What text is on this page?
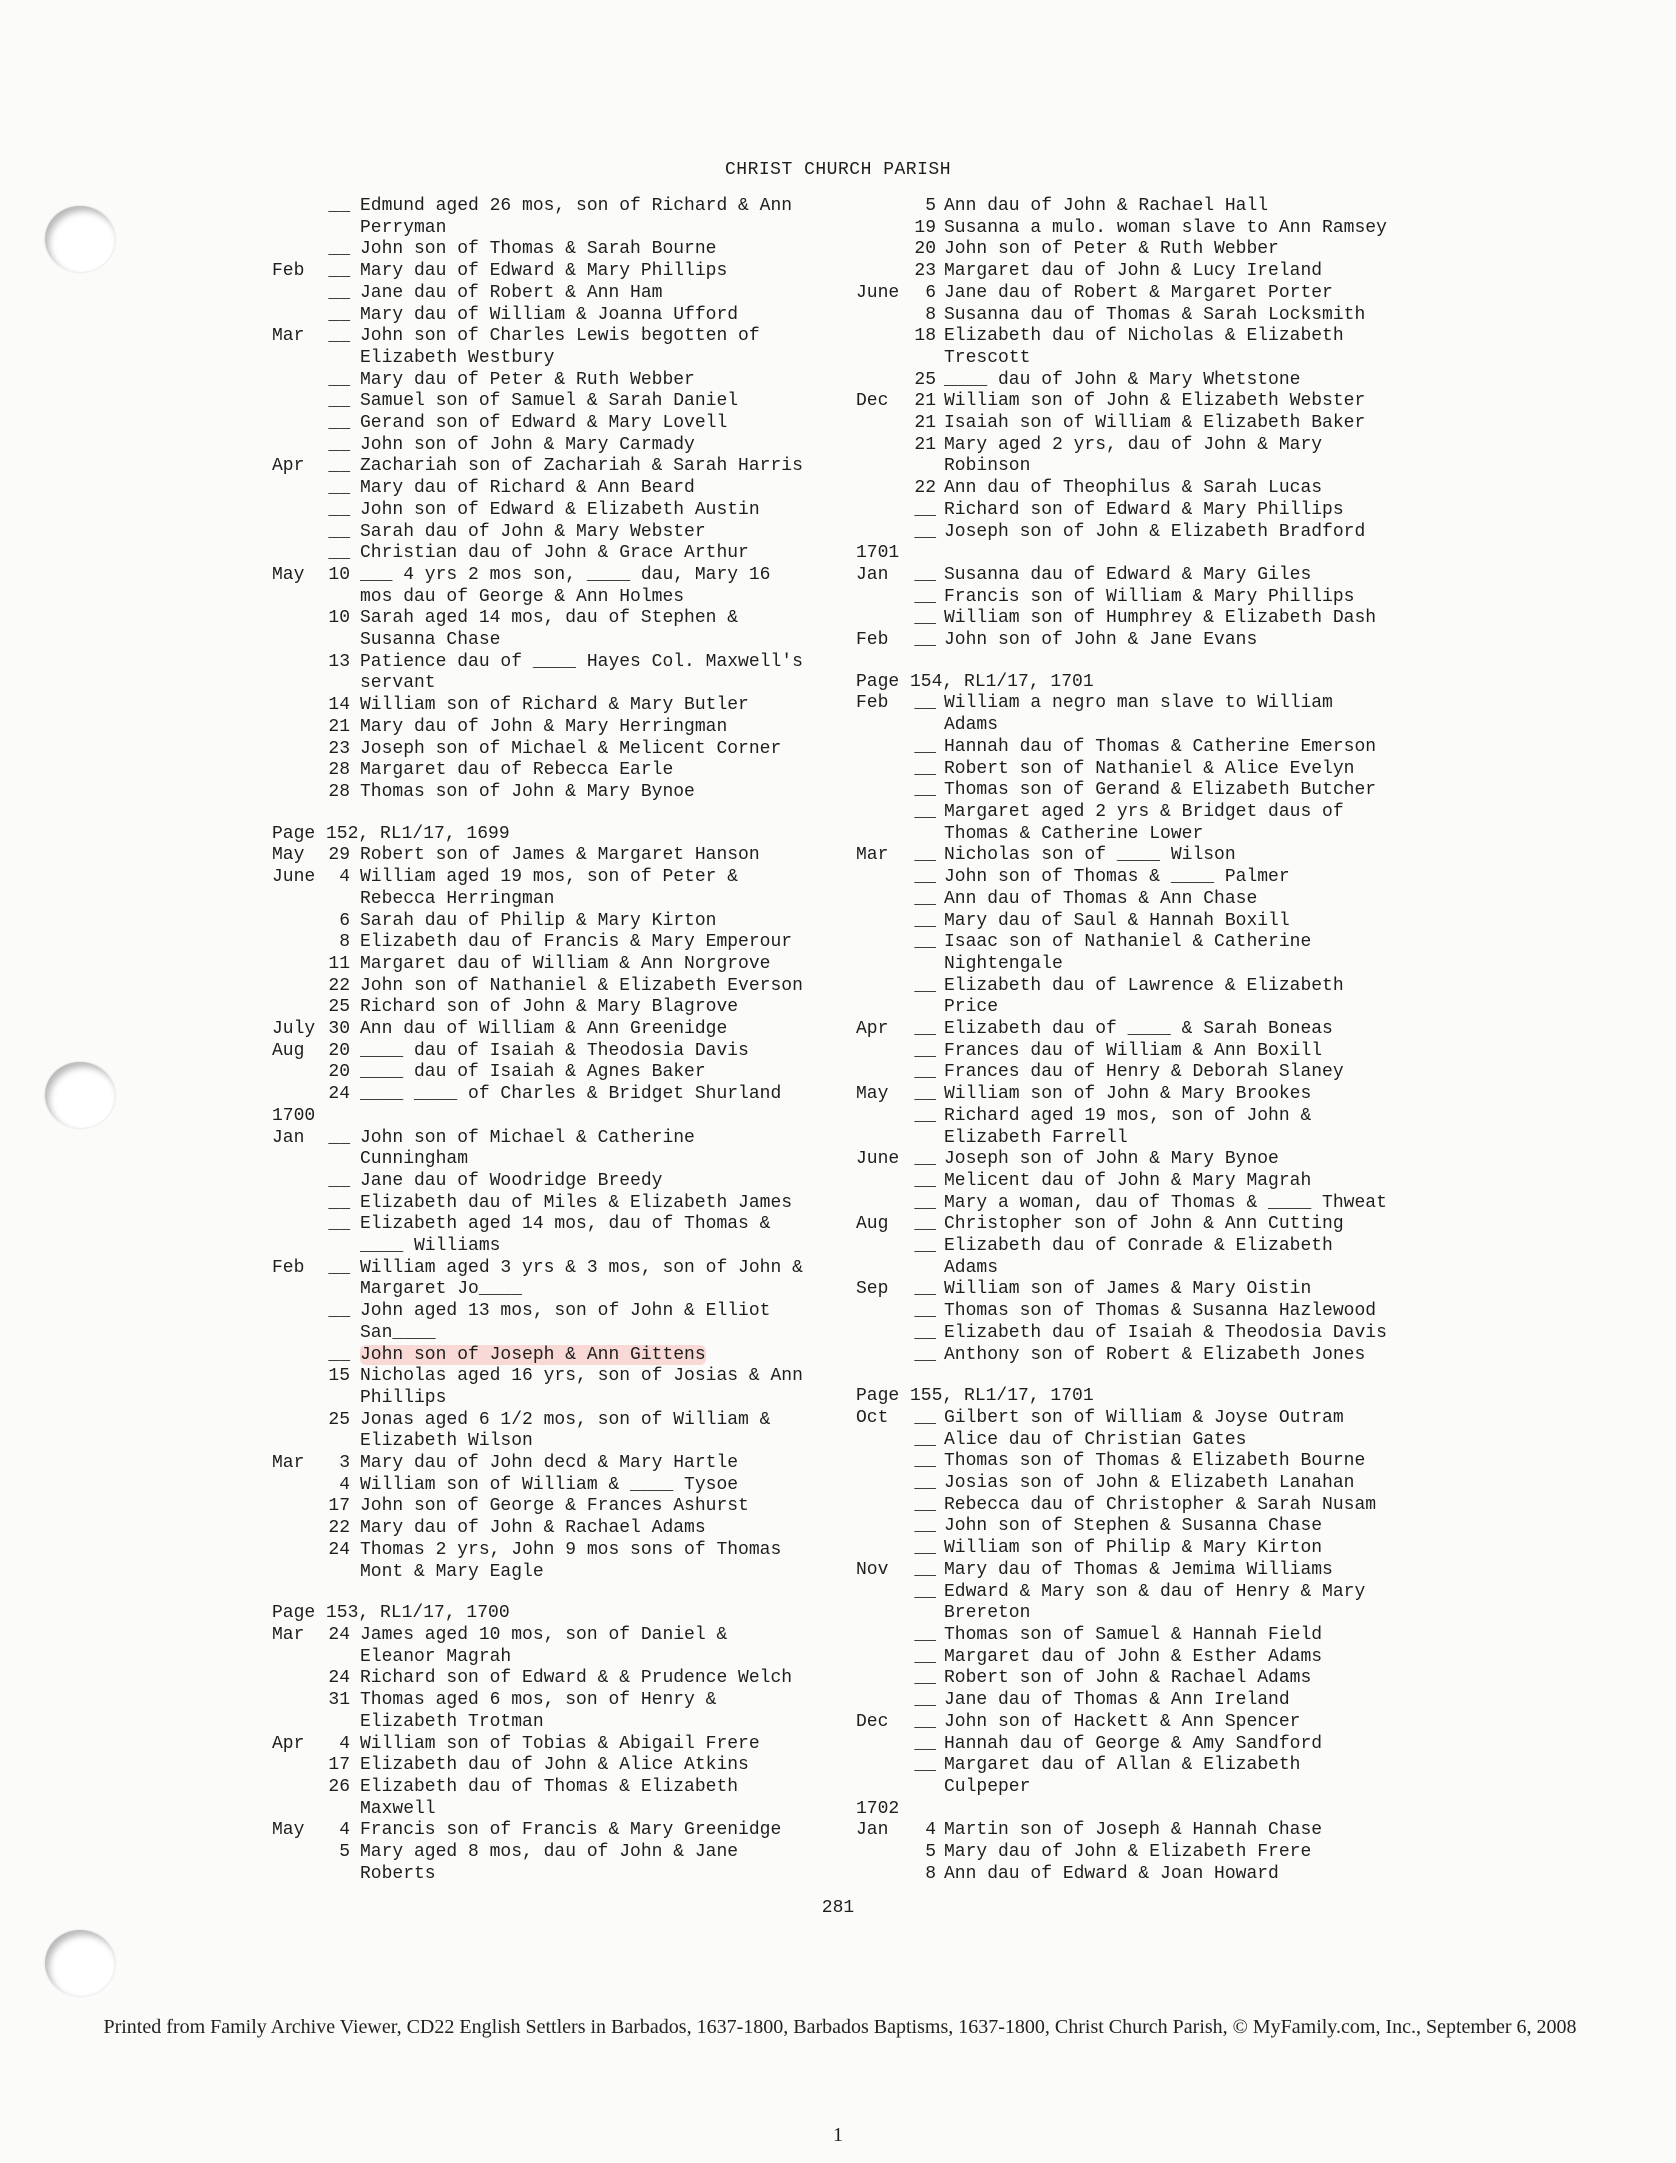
CHRIST CHURCH PARISH
__ Edmund aged 26 mos, son of Richard & Ann
Perryman
__ John son of Thomas & Sarah Bourne
Feb __ Mary dau of Edward & Mary Phillips
__ Jane dau of Robert & Ann Ham
__ Mary dau of William & Joanna Ufford
Mar __ John son of Charles Lewis begotten of
Elizabeth Westbury
__ Mary dau of Peter & Ruth Webber
__ Samuel son of Samuel & Sarah Daniel
__ Gerand son of Edward & Mary Lovell
__ John son of John & Mary Carmady
Apr __ Zachariah son of Zachariah & Sarah Harris
__ Mary dau of Richard & Ann Beard
__ John son of Edward & Elizabeth Austin
__ Sarah dau of John & Mary Webster
__ Christian dau of John & Grace Arthur
May 10 ___ 4 yrs 2 mos son, ____ dau, Mary 16
mos dau of George & Ann Holmes
10 Sarah aged 14 mos, dau of Stephen &
Susanna Chase
13 Patience dau of ____ Hayes Col. Maxwell's
servant
14 William son of Richard & Mary Butler
21 Mary dau of John & Mary Herringman
23 Joseph son of Michael & Melicent Corner
28 Margaret dau of Rebecca Earle
28 Thomas son of John & Mary Bynoe
Page 152, RL1/17, 1699
May 29 Robert son of James & Margaret Hanson
June	4 William aged 19 mos, son of Peter &
Rebecca Herringman
6 Sarah dau of Philip & Mary Kirton
8 Elizabeth dau of Francis & Mary Emperour
11 Margaret dau of William & Ann Norgrove
22 John son of Nathaniel & Elizabeth Everson
25 Richard son of John & Mary Blagrove
July 30 Ann dau of William & Ann Greenidge
Aug 20 ____ dau of Isaiah & Theodosia Davis
20 ____ dau of Isaiah & Agnes Baker
24 ____ ____ of Charles & Bridget Shurland
1700
Jan __ John son of Michael & Catherine
Cunningham
__ Jane dau of Woodridge Breedy
__ Elizabeth dau of Miles & Elizabeth James
__ Elizabeth aged 14 mos, dau of Thomas &
____ Williams
Feb __ William aged 3 yrs & 3 mos, son of John &
Margaret Jo____
__ John aged 13 mos, son of John & Elliot
San____
__ John son of Joseph & Ann Gittens
15 Nicholas aged 16 yrs, son of Josias & Ann
Phillips
25 Jonas aged 6 1/2 mos, son of William &
Elizabeth Wilson
Mar	3 Mary dau of John decd & Mary Hartle
4 William son of William & ____ Tysoe
17 John son of George & Frances Ashurst
22 Mary dau of John & Rachael Adams
24 Thomas 2 yrs, John 9 mos sons of Thomas
Mont & Mary Eagle
Page 153, RL1/17, 1700
Mar 24 James aged 10 mos, son of Daniel &
Eleanor Magrah
24 Richard son of Edward & & Prudence Welch
31 Thomas aged 6 mos, son of Henry &
Elizabeth Trotman
Apr	4 William son of Tobias & Abigail Frere
17 Elizabeth dau of John & Alice Atkins
26 Elizabeth dau of Thomas & Elizabeth
Maxwell
May	4 Francis son of Francis & Mary Greenidge
5 Mary aged 8 mos, dau of John & Jane
Roberts
5 Ann dau of John & Rachael Hall
19 Susanna a mulo. woman slave to Ann Ramsey
20 John son of Peter & Ruth Webber
23 Margaret dau of John & Lucy Ireland
June	6 Jane dau of Robert & Margaret Porter
8 Susanna dau of Thomas & Sarah Locksmith
18 Elizabeth dau of Nicholas & Elizabeth
Trescott
25 ____ dau of John & Mary Whetstone
Dec 21 William son of John & Elizabeth Webster
21 Isaiah son of William & Elizabeth Baker
21 Mary aged 2 yrs, dau of John & Mary
Robinson
22 Ann dau of Theophilus & Sarah Lucas
__ Richard son of Edward & Mary Phillips
__ Joseph son of John & Elizabeth Bradford
1701
Jan __ Susanna dau of Edward & Mary Giles
__ Francis son of William & Mary Phillips
__ William son of Humphrey & Elizabeth Dash
Feb __ John son of John & Jane Evans
Page 154, RL1/17, 1701
Feb __ William a negro man slave to William
Adams
__ Hannah dau of Thomas & Catherine Emerson
__ Robert son of Nathaniel & Alice Evelyn
__ Thomas son of Gerand & Elizabeth Butcher
__ Margaret aged 2 yrs & Bridget daus of
Thomas & Catherine Lower
Mar __ Nicholas son of ____ Wilson
__ John son of Thomas & ____ Palmer
__ Ann dau of Thomas & Ann Chase
__ Mary dau of Saul & Hannah Boxill
__ Isaac son of Nathaniel & Catherine
Nightengale
__ Elizabeth dau of Lawrence & Elizabeth
Price
Apr __ Elizabeth dau of ____ & Sarah Boneas
__ Frances dau of William & Ann Boxill
__ Frances dau of Henry & Deborah Slaney
May __ William son of John & Mary Brookes
__ Richard aged 19 mos, son of John &
Elizabeth Farrell
June __ Joseph son of John & Mary Bynoe
__ Melicent dau of John & Mary Magrah
__ Mary a woman, dau of Thomas & ____ Thweat
Aug __ Christopher son of John & Ann Cutting
__ Elizabeth dau of Conrade & Elizabeth
Adams
Sep __ William son of James & Mary Oistin
__ Thomas son of Thomas & Susanna Hazlewood
__ Elizabeth dau of Isaiah & Theodosia Davis
__ Anthony son of Robert & Elizabeth Jones
Page 155, RL1/17, 1701
Oct __ Gilbert son of William & Joyse Outram
__ Alice dau of Christian Gates
__ Thomas son of Thomas & Elizabeth Bourne
__ Josias son of John & Elizabeth Lanahan
__ Rebecca dau of Christopher & Sarah Nusam
__ John son of Stephen & Susanna Chase
__ William son of Philip & Mary Kirton
Nov __ Mary dau of Thomas & Jemima Williams
__ Edward & Mary son & dau of Henry & Mary
Brereton
__ Thomas son of Samuel & Hannah Field
__ Margaret dau of John & Esther Adams
__ Robert son of John & Rachael Adams
__ Jane dau of Thomas & Ann Ireland
Dec __ John son of Hackett & Ann Spencer
__ Hannah dau of George & Amy Sandford
__ Margaret dau of Allan & Elizabeth
Culpeper
1702
Jan	4 Martin son of Joseph & Hannah Chase
5 Mary dau of John & Elizabeth Frere
8 Ann dau of Edward & Joan Howard
281
Printed from Family Archive Viewer, CD22 English Settlers in Barbados, 1637-1800, Barbados Baptisms, 1637-1800, Christ Church Parish, © MyFamily.com, Inc., September 6, 2008
1
